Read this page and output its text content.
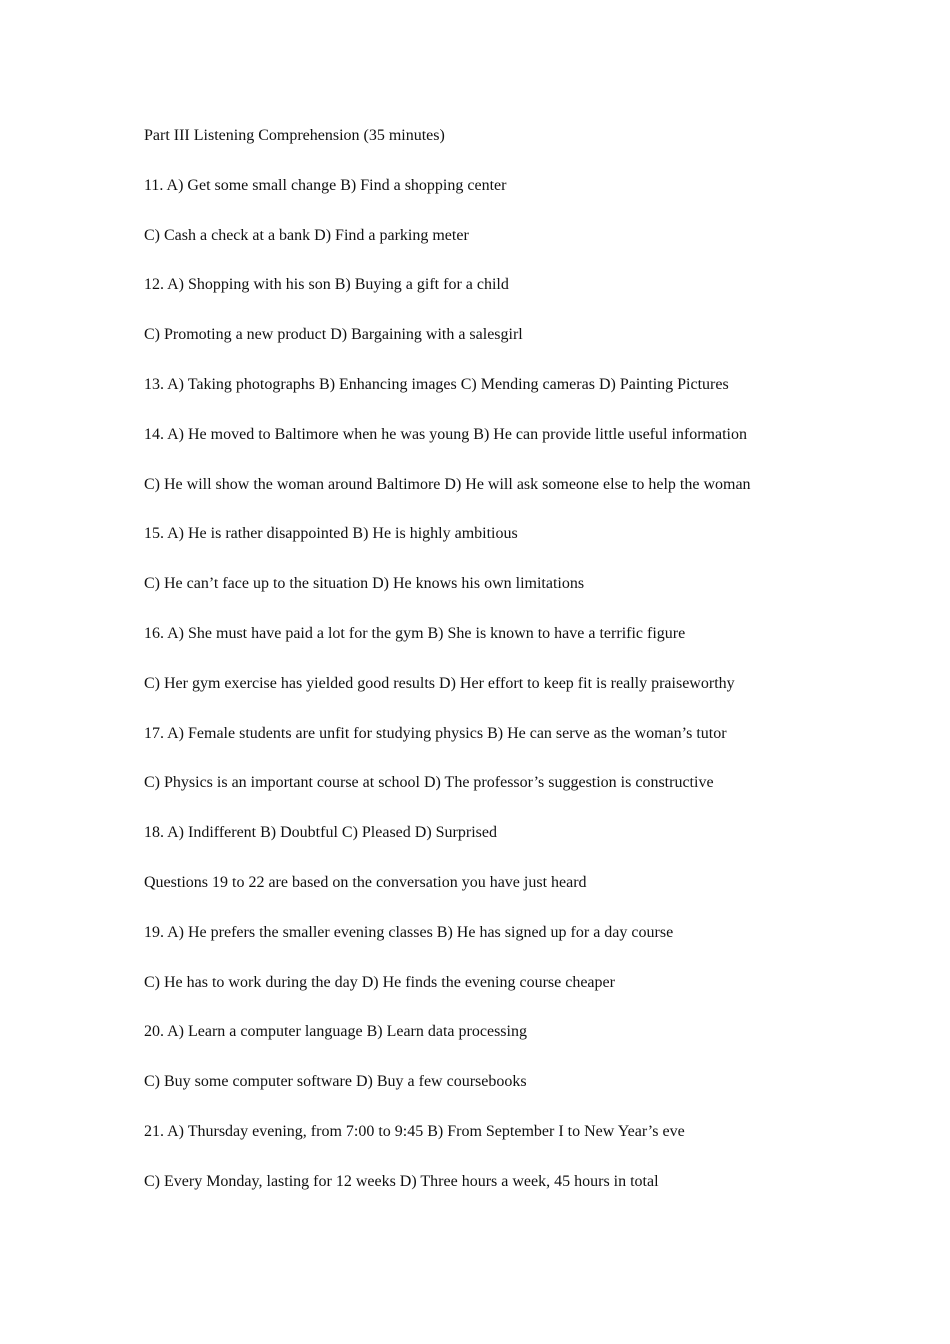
Part III Listening Comprehension (35 minutes)
11. A) Get some small change B) Find a shopping center
C) Cash a check at a bank D) Find a parking meter
12. A) Shopping with his son B) Buying a gift for a child
C) Promoting a new product D) Bargaining with a salesgirl
13. A) Taking photographs B) Enhancing images C) Mending cameras D) Painting Pictures
14. A) He moved to Baltimore when he was young B) He can provide little useful information
C) He will show the woman around Baltimore D) He will ask someone else to help the woman
15. A) He is rather disappointed B) He is highly ambitious
C) He can’t face up to the situation D) He knows his own limitations
16. A) She must have paid a lot for the gym B) She is known to have a terrific figure
C) Her gym exercise has yielded good results D) Her effort to keep fit is really praiseworthy
17. A) Female students are unfit for studying physics B) He can serve as the woman’s tutor
C) Physics is an important course at school D) The professor’s suggestion is constructive
18. A) Indifferent B) Doubtful C) Pleased D) Surprised
Questions 19 to 22 are based on the conversation you have just heard
19. A) He prefers the smaller evening classes B) He has signed up for a day course
C) He has to work during the day D) He finds the evening course cheaper
20. A) Learn a computer language B) Learn data processing
C) Buy some computer software D) Buy a few coursebooks
21. A) Thursday evening, from 7:00 to 9:45 B) From September I to New Year’s eve
C) Every Monday, lasting for 12 weeks D) Three hours a week, 45 hours in total
